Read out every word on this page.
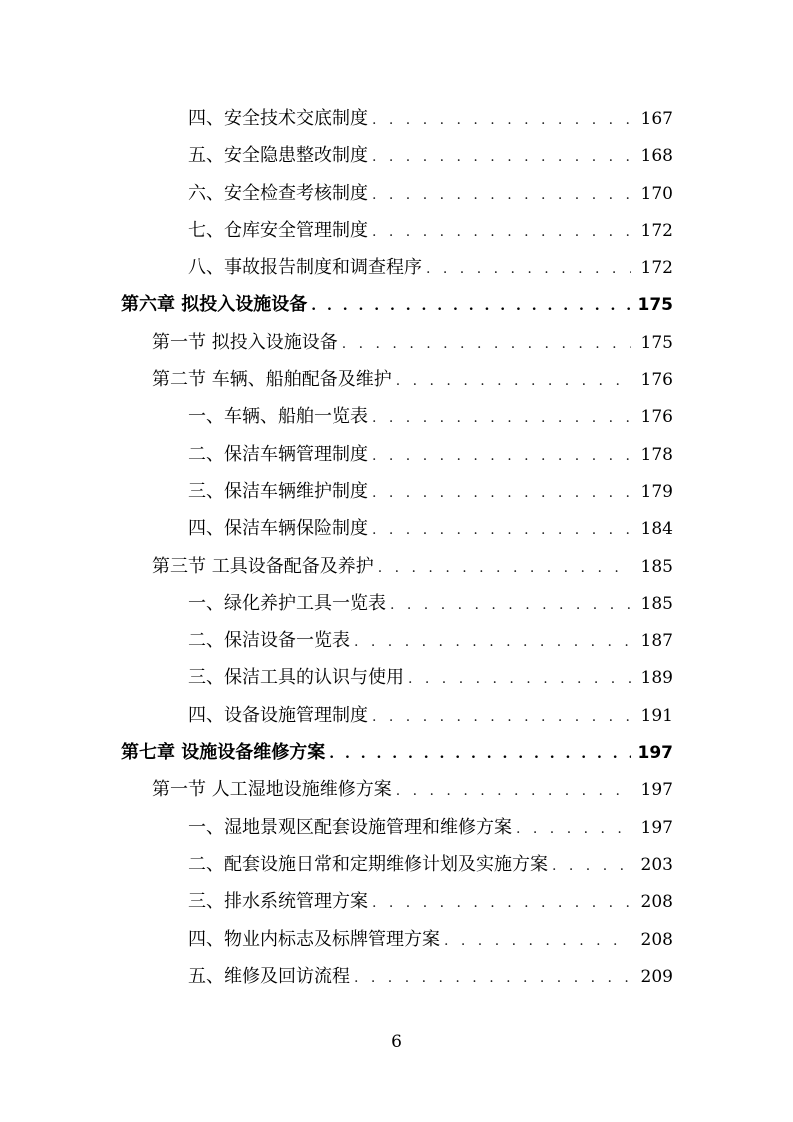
四、安全技术交底制度 . . .	167
五、安全隐患整改制度 . . .	168
六、安全检查考核制度 . . .	170
七、仓库安全管理制度 . . .	172
八、事故报告制度和调查程序 . . .	172
第六章 拟投入设施设备 . . .	175
第一节 拟投入设施设备 . . .	175
第二节 车辆、船舶配备及维护 . . .	176
一、车辆、船舶一览表 . . .	176
二、保洁车辆管理制度 . . .	178
三、保洁车辆维护制度 . . .	179
四、保洁车辆保险制度 . . .	184
第三节 工具设备配备及养护 . . .	185
一、绿化养护工具一览表 . . .	185
二、保洁设备一览表 . . .	187
三、保洁工具的认识与使用 . . .	189
四、设备设施管理制度 . . .	191
第七章 设施设备维修方案 . . .	197
第一节 人工湿地设施维修方案 . . .	197
一、湿地景观区配套设施管理和维修方案 . . .	197
二、配套设施日常和定期维修计划及实施方案 . . .	203
三、排水系统管理方案 . . .	208
四、物业内标志及标牌管理方案 . . .	208
五、维修及回访流程 . . .	209
6
